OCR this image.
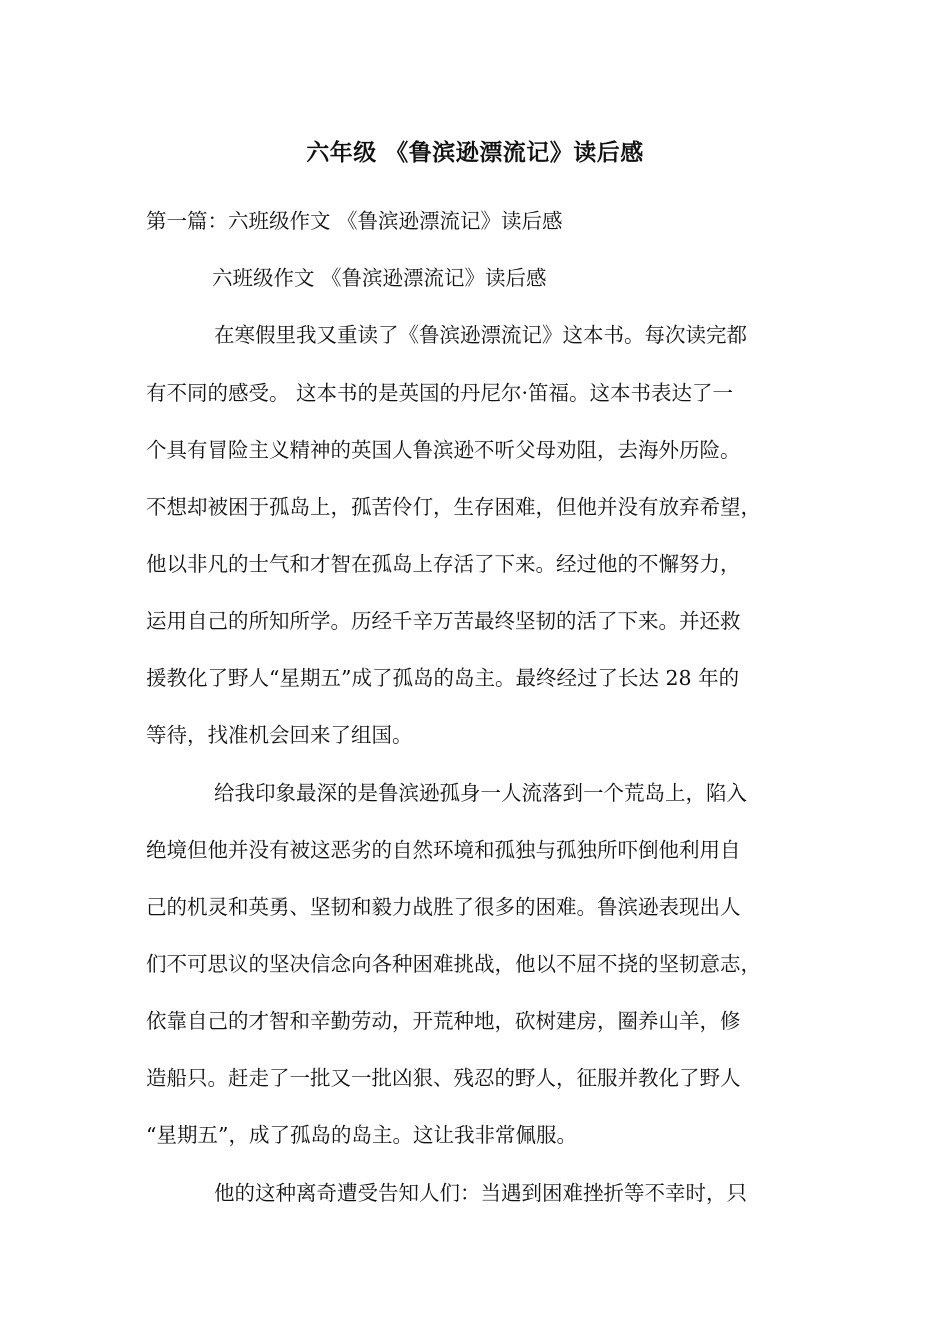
六年级 《鲁滨逊漂流记》读后感
第一篇：六班级作文 《鲁滨逊漂流记》读后感
六班级作文 《鲁滨逊漂流记》读后感
在寒假里我又重读了《鲁滨逊漂流记》这本书。每次读完都
有不同的感受。 这本书的是英国的丹尼尔·笛福。这本书表达了一
个具有冒险主义精神的英国人鲁滨逊不听父母劝阻，去海外历险。
不想却被困于孤岛上，孤苦伶仃，生存困难，但他并没有放弃希望，
他以非凡的士气和才智在孤岛上存活了下来。经过他的不懈努力，
运用自己的所知所学。历经千辛万苦最终坚韧的活了下来。并还救
援教化了野人“星期五”成了孤岛的岛主。最终经过了长达 28 年的
等待，找准机会回来了组国。
给我印象最深的是鲁滨逊孤身一人流落到一个荒岛上，陷入
绝境但他并没有被这恶劣的自然环境和孤独与孤独所吓倒他利用自
己的机灵和英勇、坚韧和毅力战胜了很多的困难。鲁滨逊表现出人
们不可思议的坚决信念向各种困难挑战，他以不屈不挠的坚韧意志，
依靠自己的才智和辛勤劳动，开荒种地，砍树建房，圈养山羊，修
造船只。赶走了一批又一批凶狠、残忍的野人，征服并教化了野人
“星期五”，成了孤岛的岛主。这让我非常佩服。
他的这种离奇遭受告知人们：当遇到困难挫折等不幸时，只
